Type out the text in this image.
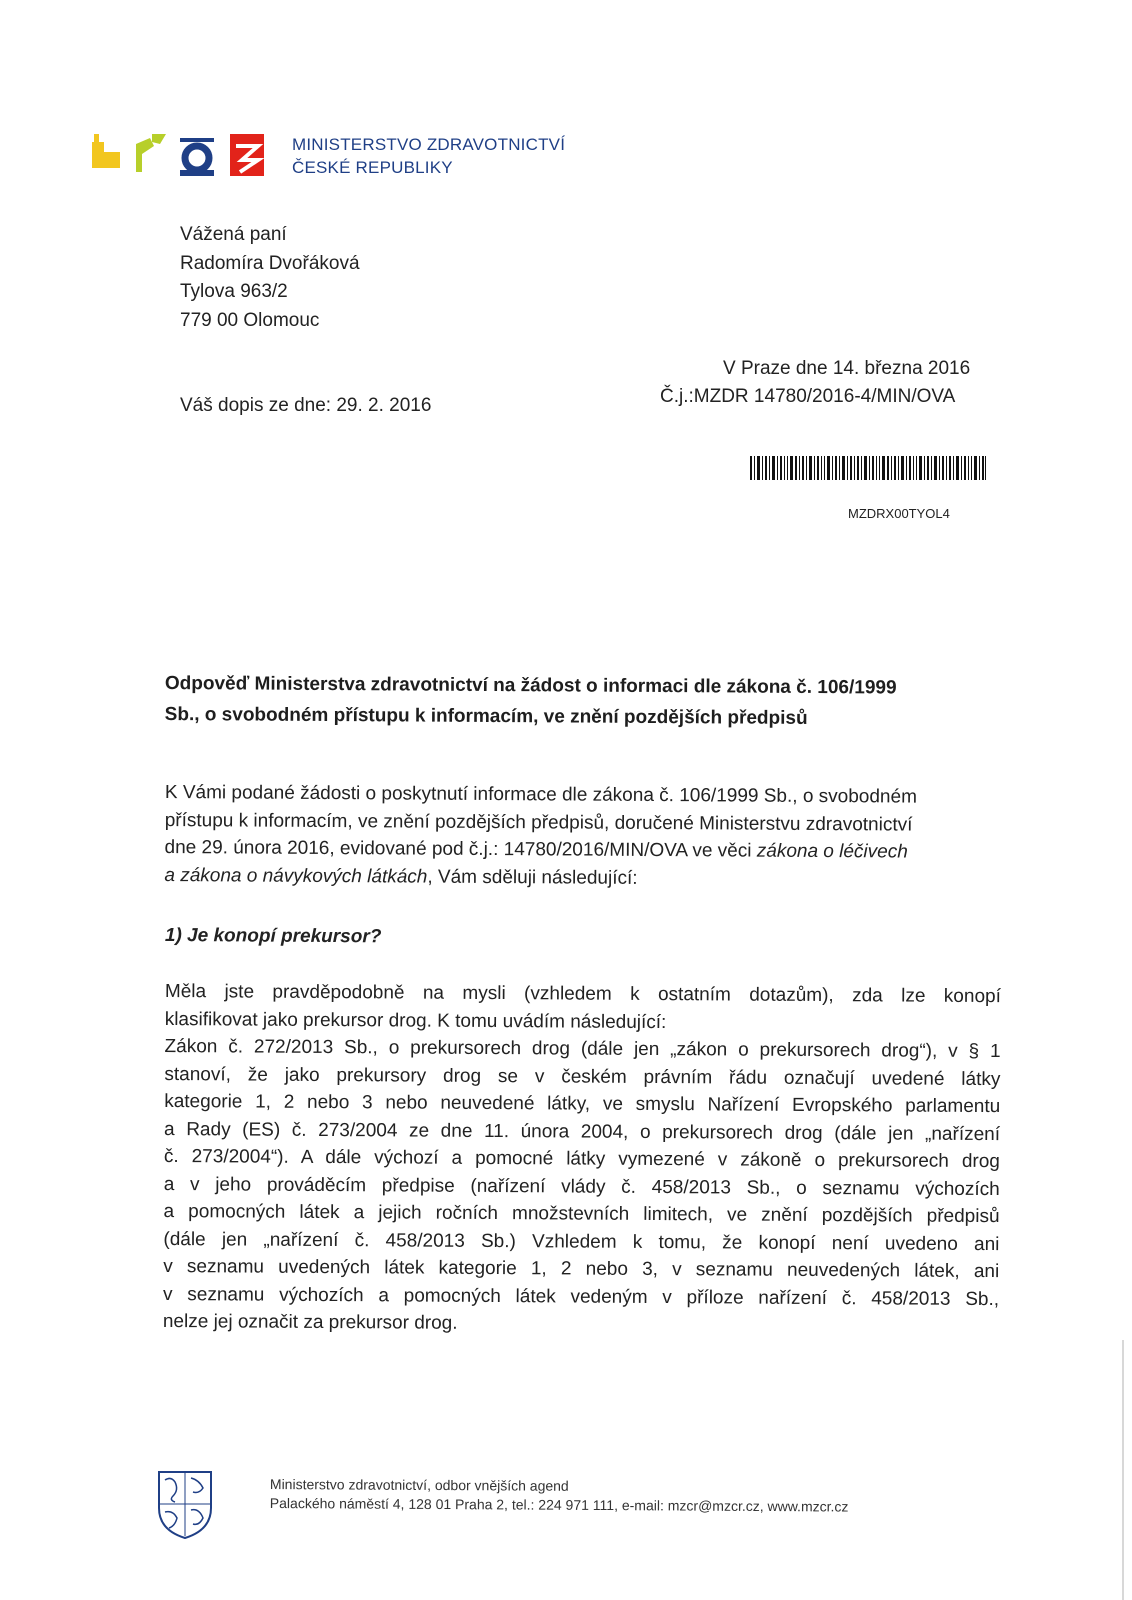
MINISTERSTVO ZDRAVOTNICTVÍ
ČESKÉ REPUBLIKY
Vážená paní
Radomíra Dvořáková
Tylova 963/2
779 00 Olomouc
Váš dopis ze dne: 29. 2. 2016
V Praze dne 14. března 2016
Č.j.:MZDR 14780/2016-4/MIN/OVA
MZDRX00TYOL4
Odpověď Ministerstva zdravotnictví na žádost o informaci dle zákona č. 106/1999
Sb., o svobodném přístupu k informacím, ve znění pozdějších předpisů
K Vámi podané žádosti o poskytnutí informace dle zákona č. 106/1999 Sb., o svobodném
přístupu k informacím, ve znění pozdějších předpisů, doručené Ministerstvu zdravotnictví
dne 29. února 2016, evidované pod č.j.: 14780/2016/MIN/OVA ve věci zákona o léčivech
a zákona o návykových látkách, Vám sděluji následující:
1) Je konopí prekursor?
Měla jste pravděpodobně na mysli (vzhledem k ostatním dotazům), zda lze konopí
klasifikovat jako prekursor drog. K tomu uvádím následující:
Zákon č. 272/2013 Sb., o prekursorech drog (dále jen „zákon o prekursorech drog“), v § 1
stanoví, že jako prekursory drog se v českém právním řádu označují uvedené látky
kategorie 1, 2 nebo 3 nebo neuvedené látky, ve smyslu Nařízení Evropského parlamentu
a Rady (ES) č. 273/2004 ze dne 11. února 2004, o prekursorech drog (dále jen „nařízení
č. 273/2004“). A dále výchozí a pomocné látky vymezené v zákoně o prekursorech drog
a v jeho prováděcím předpise (nařízení vlády č. 458/2013 Sb., o seznamu výchozích
a pomocných látek a jejich ročních množstevních limitech, ve znění pozdějších předpisů
(dále jen „nařízení č. 458/2013 Sb.) Vzhledem k tomu, že konopí není uvedeno ani
v seznamu uvedených látek kategorie 1, 2 nebo 3, v seznamu neuvedených látek, ani
v seznamu výchozích a pomocných látek vedeným v příloze nařízení č. 458/2013 Sb.,
nelze jej označit za prekursor drog.
Ministerstvo zdravotnictví, odbor vnějších agend
Palackého náměstí 4, 128 01 Praha 2, tel.: 224 971 111, e-mail: mzcr@mzcr.cz, www.mzcr.cz
